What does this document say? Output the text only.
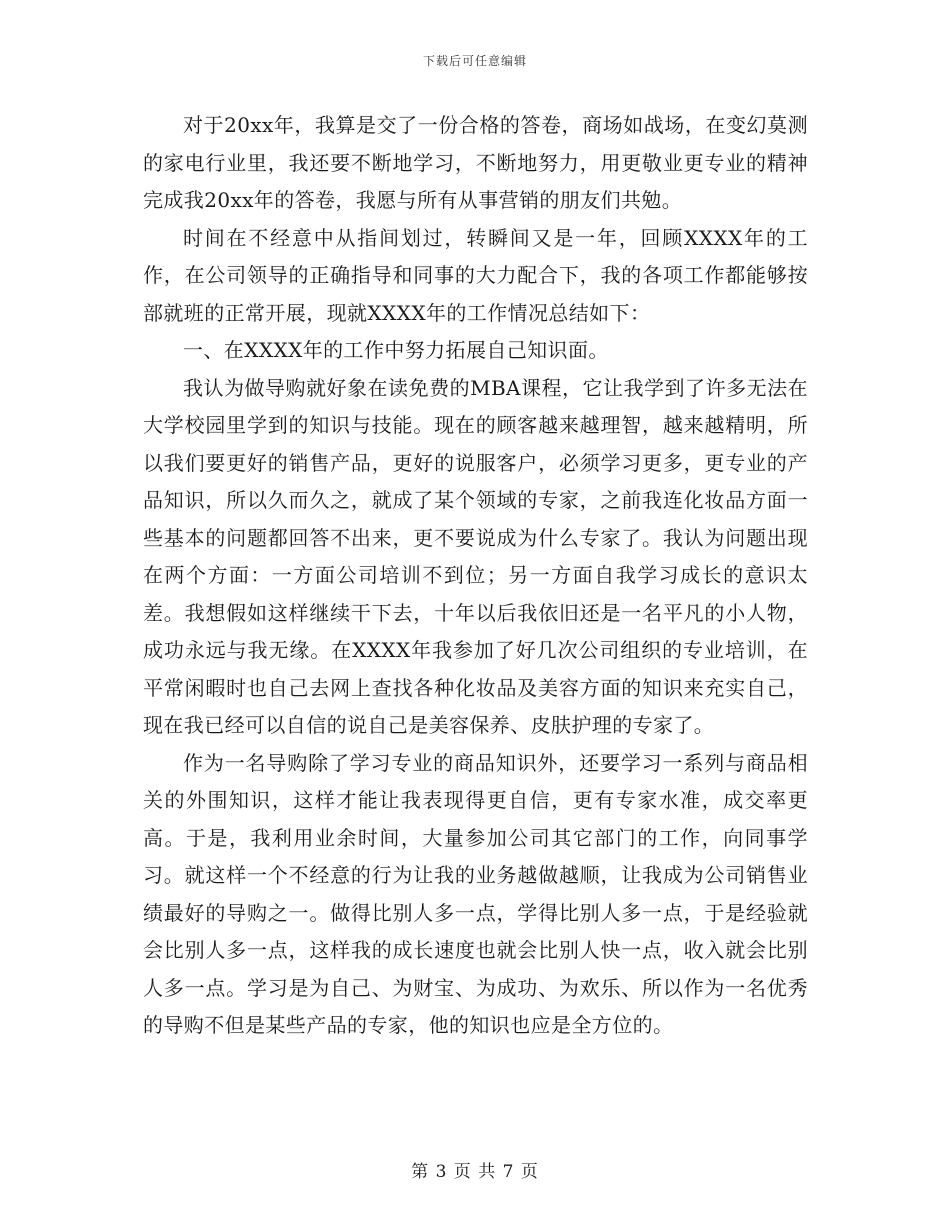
下载后可任意编辑

对于20xx年，我算是交了一份合格的答卷，商场如战场，在变幻莫测的家电行业里，我还要不断地学习，不断地努力，用更敬业更专业的精神完成我20xx年的答卷，我愿与所有从事营销的朋友们共勉。

时间在不经意中从指间划过，转瞬间又是一年，回顾XXXX年的工作，在公司领导的正确指导和同事的大力配合下，我的各项工作都能够按部就班的正常开展，现就XXXX年的工作情况总结如下：

一、在XXXX年的工作中努力拓展自己知识面。

我认为做导购就好象在读免费的MBA课程，它让我学到了许多无法在大学校园里学到的知识与技能。现在的顾客越来越理智，越来越精明，所以我们要更好的销售产品，更好的说服客户，必须学习更多，更专业的产品知识，所以久而久之，就成了某个领域的专家，之前我连化妆品方面一些基本的问题都回答不出来，更不要说成为什么专家了。我认为问题出现在两个方面：一方面公司培训不到位；另一方面自我学习成长的意识太差。我想假如这样继续干下去，十年以后我依旧还是一名平凡的小人物，成功永远与我无缘。在XXXX年我参加了好几次公司组织的专业培训，在平常闲暇时也自己去网上查找各种化妆品及美容方面的知识来充实自己，现在我已经可以自信的说自己是美容保养、皮肤护理的专家了。

作为一名导购除了学习专业的商品知识外，还要学习一系列与商品相关的外围知识，这样才能让我表现得更自信，更有专家水准，成交率更高。于是，我利用业余时间，大量参加公司其它部门的工作，向同事学习。就这样一个不经意的行为让我的业务越做越顺，让我成为公司销售业绩最好的导购之一。做得比别人多一点，学得比别人多一点，于是经验就会比别人多一点，这样我的成长速度也就会比别人快一点，收入就会比别人多一点。学习是为自己、为财宝、为成功、为欢乐、所以作为一名优秀的导购不但是某些产品的专家，他的知识也应是全方位的。

第 3 页 共 7 页
